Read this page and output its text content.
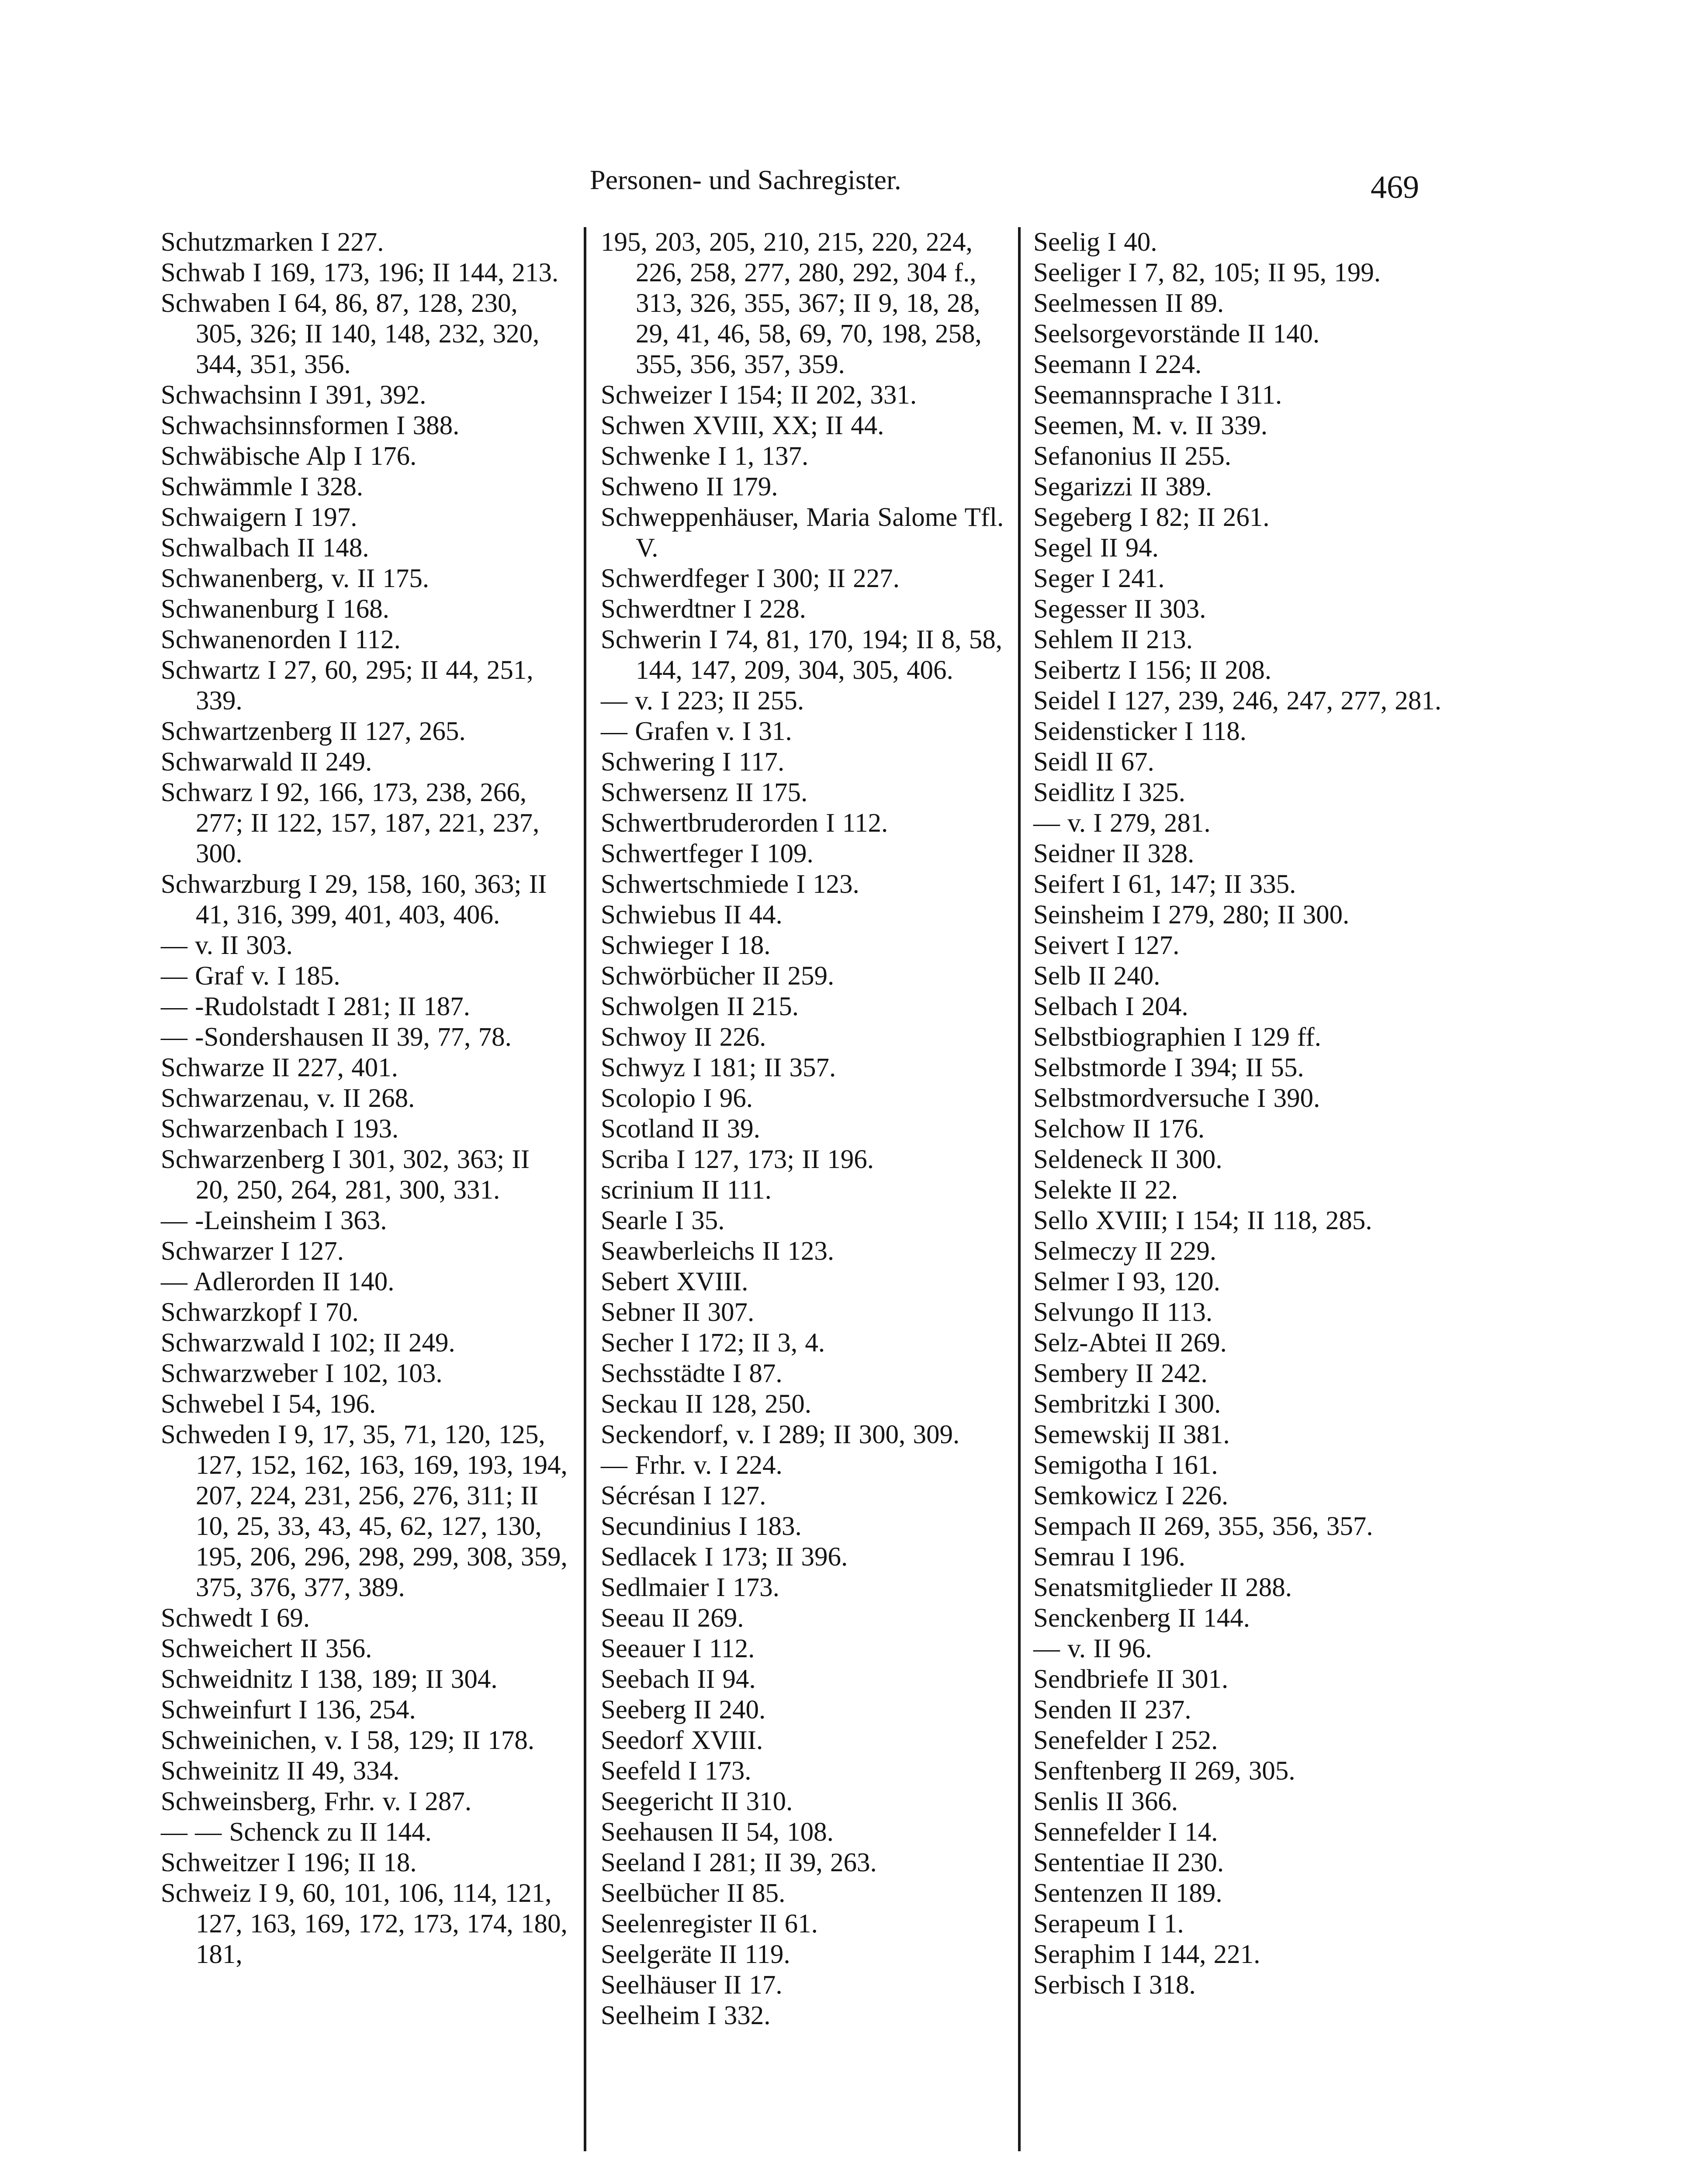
Personen- und Sachregister.	469
Schutzmarken I 227.
Schwab I 169, 173, 196; II 144, 213.
Schwaben I 64, 86, 87, 128, 230, 305, 326; II 140, 148, 232, 320, 344, 351, 356.
Schwachsinn I 391, 392.
Schwachsinnsformen I 388.
Schwäbische Alp I 176.
Schwämmle I 328.
Schwaigern I 197.
Schwalbach II 148.
Schwanenberg, v. II 175.
Schwanenburg I 168.
Schwanenorden I 112.
Schwartz I 27, 60, 295; II 44, 251, 339.
Schwartzenberg II 127, 265.
Schwarwald II 249.
Schwarz I 92, 166, 173, 238, 266, 277; II 122, 157, 187, 221, 237, 300.
Schwarzburg I 29, 158, 160, 363; II 41, 316, 399, 401, 403, 406.
— v. II 303.
— Graf v. I 185.
— -Rudolstadt I 281; II 187.
— -Sondershausen II 39, 77, 78.
Schwarze II 227, 401.
Schwarzenau, v. II 268.
Schwarzenbach I 193.
Schwarzenberg I 301, 302, 363; II 20, 250, 264, 281, 300, 331.
— -Leinsheim I 363.
Schwarzer I 127.
— Adlerorden II 140.
Schwarzkopf I 70.
Schwarzwald I 102; II 249.
Schwarzweber I 102, 103.
Schwebel I 54, 196.
Schweden I 9, 17, 35, 71, 120, 125, 127, 152, 162, 163, 169, 193, 194, 207, 224, 231, 256, 276, 311; II 10, 25, 33, 43, 45, 62, 127, 130, 195, 206, 296, 298, 299, 308, 359, 375, 376, 377, 389.
Schwedt I 69.
Schweichert II 356.
Schweidnitz I 138, 189; II 304.
Schweinfurt I 136, 254.
Schweinichen, v. I 58, 129; II 178.
Schweinitz II 49, 334.
Schweinsberg, Frhr. v. I 287.
— — Schenck zu II 144.
Schweitzer I 196; II 18.
Schweiz I 9, 60, 101, 106, 114, 121, 127, 163, 169, 172, 173, 174, 180, 181,
195, 203, 205, 210, 215, 220, 224, 226, 258, 277, 280, 292, 304 f., 313, 326, 355, 367; II 9, 18, 28, 29, 41, 46, 58, 69, 70, 198, 258, 355, 356, 357, 359.
Schweizer I 154; II 202, 331.
Schwen XVIII, XX; II 44.
Schwenke I 1, 137.
Schweno II 179.
Schweppenhäuser, Maria Salome Tfl. V.
Schwerdfeger I 300; II 227.
Schwerdtner I 228.
Schwerin I 74, 81, 170, 194; II 8, 58, 144, 147, 209, 304, 305, 406.
— v. I 223; II 255.
— Grafen v. I 31.
Schwering I 117.
Schwersenz II 175.
Schwertbruderorden I 112.
Schwertfeger I 109.
Schwertschmiede I 123.
Schwiebus II 44.
Schwieger I 18.
Schwörbücher II 259.
Schwolgen II 215.
Schwoy II 226.
Schwyz I 181; II 357.
Scolopio I 96.
Scotland II 39.
Scriba I 127, 173; II 196.
scrinium II 111.
Searle I 35.
Seawberleichs II 123.
Sebert XVIII.
Sebner II 307.
Secher I 172; II 3, 4.
Sechsstädte I 87.
Seckau II 128, 250.
Seckendorf, v. I 289; II 300, 309.
— Frhr. v. I 224.
Sécrésan I 127.
Secundinius I 183.
Sedlacek I 173; II 396.
Sedlmaier I 173.
Seeau II 269.
Seeauer I 112.
Seebach II 94.
Seeberg II 240.
Seedorf XVIII.
Seefeld I 173.
Seegericht II 310.
Seehausen II 54, 108.
Seeland I 281; II 39, 263.
Seelbücher II 85.
Seelenregister II 61.
Seelgeräte II 119.
Seelhäuser II 17.
Seelheim I 332.
Seelig I 40.
Seeliger I 7, 82, 105; II 95, 199.
Seelmessen II 89.
Seelsorgevorstände II 140.
Seemann I 224.
Seemannsprache I 311.
Seemen, M. v. II 339.
Sefanonius II 255.
Segarizzi II 389.
Segeberg I 82; II 261.
Segel II 94.
Seger I 241.
Segesser II 303.
Sehlem II 213.
Seibertz I 156; II 208.
Seidel I 127, 239, 246, 247, 277, 281.
Seidensticker I 118.
Seidl II 67.
Seidlitz I 325.
— v. I 279, 281.
Seidner II 328.
Seifert I 61, 147; II 335.
Seinsheim I 279, 280; II 300.
Seivert I 127.
Selb II 240.
Selbach I 204.
Selbstbiographien I 129 ff.
Selbstmorde I 394; II 55.
Selbstmordversuche I 390.
Selchow II 176.
Seldeneck II 300.
Selekte II 22.
Sello XVIII; I 154; II 118, 285.
Selmeczy II 229.
Selmer I 93, 120.
Selvungo II 113.
Selz-Abtei II 269.
Sembery II 242.
Sembritzki I 300.
Semewskij II 381.
Semigotha I 161.
Semkowicz I 226.
Sempach II 269, 355, 356, 357.
Semrau I 196.
Senatsmitglieder II 288.
Senckenberg II 144.
— v. II 96.
Sendbriefe II 301.
Senden II 237.
Senefelder I 252.
Senftenberg II 269, 305.
Senlis II 366.
Sennefelder I 14.
Sententiae II 230.
Sentenzen II 189.
Serapeum I 1.
Seraphim I 144, 221.
Serbisch I 318.
